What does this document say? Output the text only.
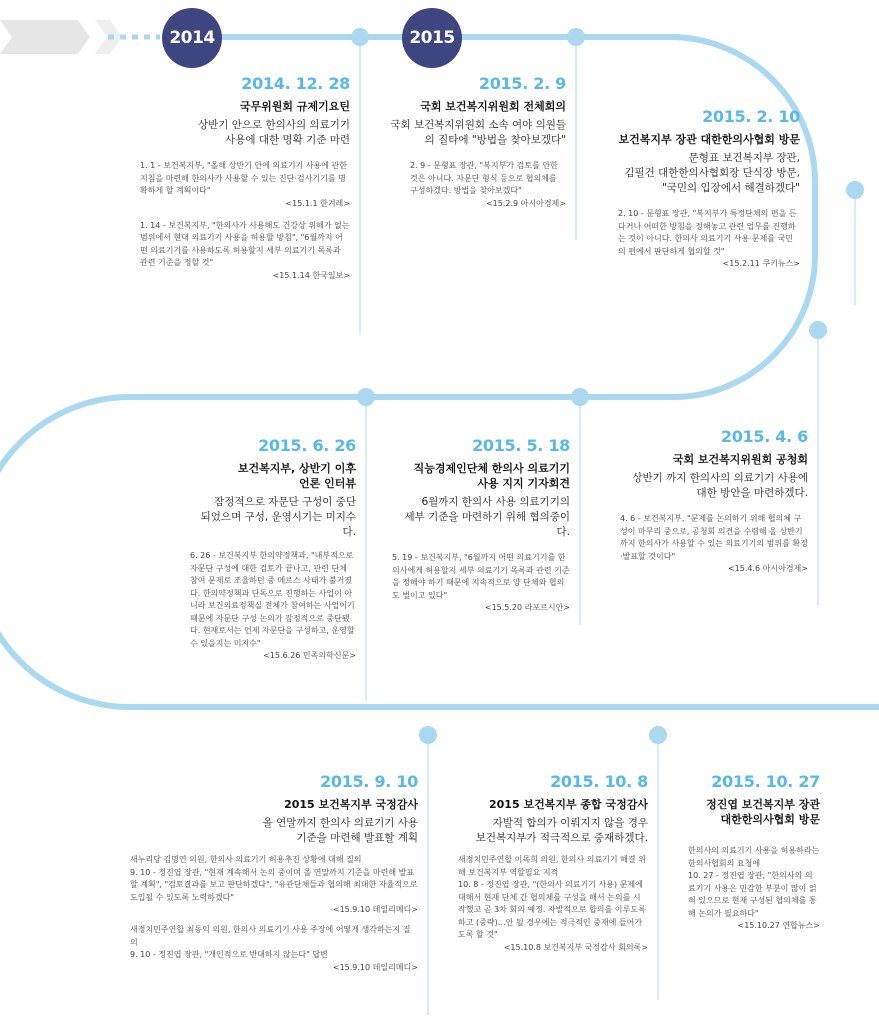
2014	2015
2014. 12. 28
국무위원회 규제기요틴
상반기 안으로 한의사의 의료기기
사용에 대한 명확 기준 마련
1. 1 - 보건복지부, "올해 상반기 안에 의료기기 사용에 관한 지침을 마련해 한의사가 사용할 수 있는 진단·검사기기를 명확하게 할 계획이다"
<15.1.1 한겨레>
1. 14 - 보건복지부, "한의사가 사용해도 건강상 위해가 없는 범위에서 현대 의료기기 사용을 허용할 방침", "6월까지 어떤 의료기기를 사용하도록 허용할지 세부 의료기기 목록과 관련 기준을 정할 것"
<15.1.14 한국일보>
2015. 2. 9
국회 보건복지위원회 전체회의
국회 보건복지위원회 소속 여야 의원들
의 질타에 "방법을 찾아보겠다"
2. 9 - 문형표 장관, "복지부가 검토를 안한 것은 아니다. 자문단 형식 등으로 협의체를 구성하겠다. 방법을 찾아보겠다"
<15.2.9 아시아경제>
2015. 2. 10
보건복지부 장관 대한한의사협회 방문
문형표 보건복지부 장관,
김필건 대한한의사협회장 단식장 방문,
"국민의 입장에서 해결하겠다"
2. 10 - 문형표 장관, "복지부가 특정단체의 편을 든다거나 어떠한 방침을 정해놓고 관련 업무를 진행하는 것이 아니다. 한의사 의료기기 사용 문제를 국민의 편에서 판단하게 협의할 것"
<15.2.11 쿠키뉴스>
2015. 4. 6
국회 보건복지위원회 공청회
상반기 까지 한의사의 의료기기 사용에
대한 방안을 마련하겠다.
4. 6 - 보건복지부, "문제를 논의하기 위해 협의체 구성이 마무리 중으로, 공청회 의견을 수렴해 올 상반기까지 한의사가 사용할 수 있는 의료기기의 범위를 확정·발표할 것이다"
<15.4.6 아시아경제>
2015. 5. 18
직능경제인단체 한의사 의료기기
사용 지지 기자회견
6월까지 한의사 사용 의료기기의
세부 기준을 마련하기 위해 협의중이다.
5. 19 - 보건복지부, "6월까지 어떤 의료기기를 한의사에게 허용할지 세부 의료기기 목록과 관련 기준을 정해야 하기 때문에 지속적으로 양 단체와 협의도 벌이고 있다"
<15.5.20 라포르시안>
2015. 6. 26
보건복지부, 상반기 이후
언론 인터뷰
잠정적으로 자문단 구성이 중단
되었으며 구성, 운영시기는 미지수다.
6. 26 - 보건복지부 한의약정책과, "내부적으로 자문단 구성에 대한 검토가 끝나고, 관련 단체 참여 문제로 조율하던 중 메르스 사태가 불거졌다. 한의약정책과 단독으로 진행하는 사업이 아니라 보건의료정책실 전체가 참여하는 사업이기 때문에 자문단 구성 논의가 잠정적으로 중단됐다. 현재로서는 언제 자문단을 구성하고, 운영할 수 있을지는 미지수"
<15.6.26 민족의학신문>
2015. 9. 10
2015 보건복지부 국정감사
올 연말까지 한의사 의료기기 사용
기준을 마련해 발표할 계획
새누리당 김명연 의원, 한의사 의료기기 허용추진 상황에 대해 질의
9. 10 - 정진엽 장관, "현재 계속해서 논의 중이며 올 연말까지 기준을 마련해 발표할 계획", "검토결과를 보고 판단하겠다", "유관단체들과 협의해 최대한 자율적으로 도입될 수 있도록 노력하겠다"
<15.9.10 데일리메디>
새정치민주연합 최동익 의원, 한의사 의료기기 사용 주장에 어떻게 생각하는지 질의
9. 10 - 정진엽 장관, "개인적으로 반대하지 않는다" 답변
<15.9.10 데일리메디>
2015. 10. 8
2015 보건복지부 종합 국정감사
자발적 합의가 이뤄지지 않을 경우
보건복지부가 적극적으로 중재하겠다.
새정치민주연합 이목희 의원, 한의사 의료기기 해결 위해 보건복지부 역할필요 지적
10. 8 - 정진엽 장관, "(한의사 의료기기 사용) 문제에 대해서 현재 단체 간 협의체를 구성을 해서 논의를 시작했고 곧 3차 회의 예정. 자발적으로 합의를 이루도록 하고 (중략)…안 될 경우에는 적극적인 중재에 들어가도록 할 것"
<15.10.8 보건복지부 국정감사 회의록>
2015. 10. 27
정진엽 보건복지부 장관
대한한의사협회 방문
한의사의 의료기기 사용을 허용하라는 한의사협회의 요청에
10. 27 - 정진엽 장관, "한의사의 의료기기 사용은 민감한 부분이 많이 얽혀 있으므로 현재 구성된 협의체를 통해 논의가 필요하다"
<15.10.27 연합뉴스>
